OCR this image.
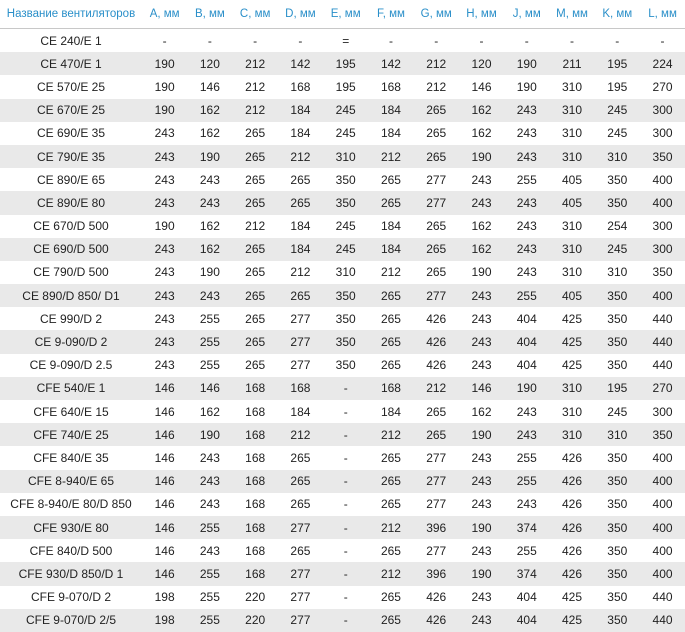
Название вентиляторов	A, мм	B, мм	C, мм	D, мм	E, мм	F, мм	G, мм	H, мм	J, мм	M, мм	K, мм	L, мм
CE 240/E 1	-	-	-	-	=	-	-	-	-	-	-	-
CE 470/E 1	190	120	212	142	195	142	212	120	190	211	195	224
CE 570/E 25	190	146	212	168	195	168	212	146	190	310	195	270
CE 670/E 25	190	162	212	184	245	184	265	162	243	310	245	300
CE 690/E 35	243	162	265	184	245	184	265	162	243	310	245	300
CE 790/E 35	243	190	265	212	310	212	265	190	243	310	310	350
CE 890/E 65	243	243	265	265	350	265	277	243	255	405	350	400
CE 890/E 80	243	243	265	265	350	265	277	243	243	405	350	400
CE 670/D 500	190	162	212	184	245	184	265	162	243	310	254	300
CE 690/D 500	243	162	265	184	245	184	265	162	243	310	245	300
CE 790/D 500	243	190	265	212	310	212	265	190	243	310	310	350
CE 890/D 850/ D1	243	243	265	265	350	265	277	243	255	405	350	400
CE 990/D 2	243	255	265	277	350	265	426	243	404	425	350	440
CE 9-090/D 2	243	255	265	277	350	265	426	243	404	425	350	440
CE 9-090/D 2.5	243	255	265	277	350	265	426	243	404	425	350	440
CFE 540/E 1	146	146	168	168	-	168	212	146	190	310	195	270
CFE 640/E 15	146	162	168	184	-	184	265	162	243	310	245	300
CFE 740/E 25	146	190	168	212	-	212	265	190	243	310	310	350
CFE 840/E 35	146	243	168	265	-	265	277	243	255	426	350	400
CFE 8-940/E 65	146	243	168	265	-	265	277	243	255	426	350	400
CFE 8-940/E 80/D 850	146	243	168	265	-	265	277	243	243	426	350	400
CFE 930/E 80	146	255	168	277	-	212	396	190	374	426	350	400
CFE 840/D 500	146	243	168	265	-	265	277	243	255	426	350	400
CFE 930/D 850/D 1	146	255	168	277	-	212	396	190	374	426	350	400
CFE 9-070/D 2	198	255	220	277	-	265	426	243	404	425	350	440
CFE 9-070/D 2/5	198	255	220	277	-	265	426	243	404	425	350	440
